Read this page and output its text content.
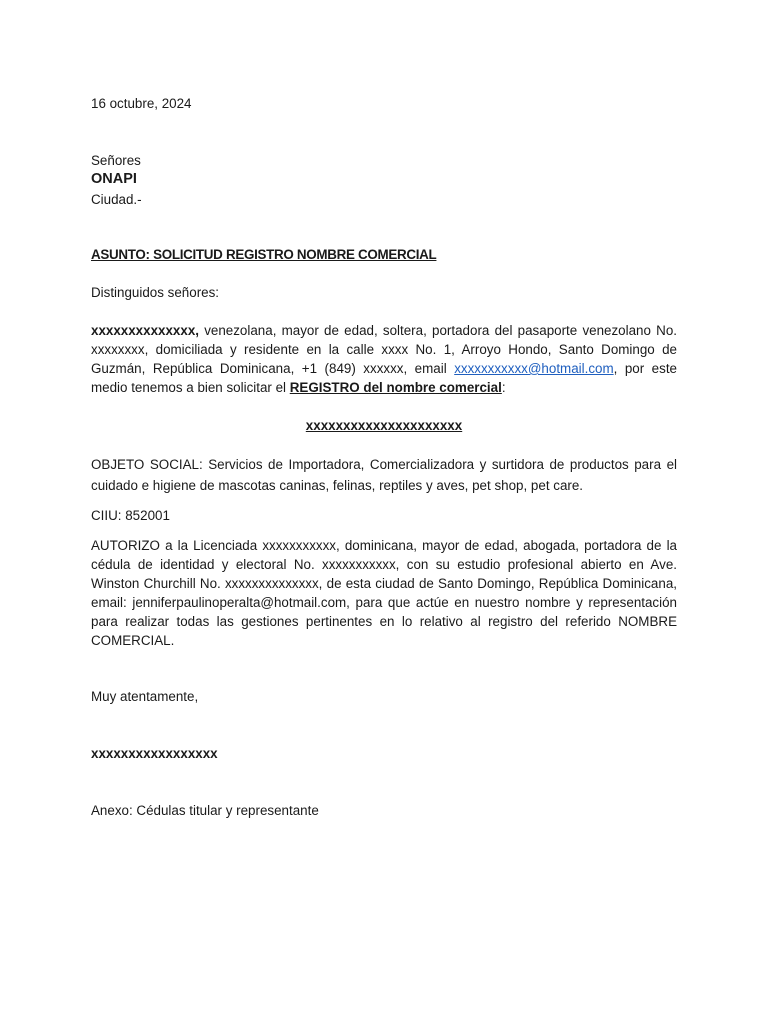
16 octubre, 2024

Señores

ONAPI

Ciudad.-

ASUNTO: SOLICITUD REGISTRO NOMBRE COMERCIAL

Distinguidos señores:

xxxxxxxxxxxxxx, venezolana, mayor de edad, soltera, portadora del pasaporte venezolano No. xxxxxxxx, domiciliada y residente en la calle xxxx No. 1, Arroyo Hondo, Santo Domingo de Guzmán, República Dominicana, +1 (849) xxxxxx, email xxxxxxxxxxx@hotmail.com, por este medio tenemos a bien solicitar el REGISTRO del nombre comercial:

xxxxxxxxxxxxxxxxxxxxx

OBJETO SOCIAL: Servicios de Importadora, Comercializadora y surtidora de productos para el cuidado e higiene de mascotas caninas, felinas, reptiles y aves, pet shop, pet care.

CIIU: 852001

AUTORIZO a la Licenciada xxxxxxxxxxx, dominicana, mayor de edad, abogada, portadora de la cédula de identidad y electoral No. xxxxxxxxxxx, con su estudio profesional abierto en Ave. Winston Churchill No. xxxxxxxxxxxxxx, de esta ciudad de Santo Domingo, República Dominicana, email: jenniferpaulinoperalta@hotmail.com, para que actúe en nuestro nombre y representación para realizar todas las gestiones pertinentes en lo relativo al registro del referido NOMBRE COMERCIAL.

Muy atentamente,

xxxxxxxxxxxxxxxxx

Anexo: Cédulas titular y representante
